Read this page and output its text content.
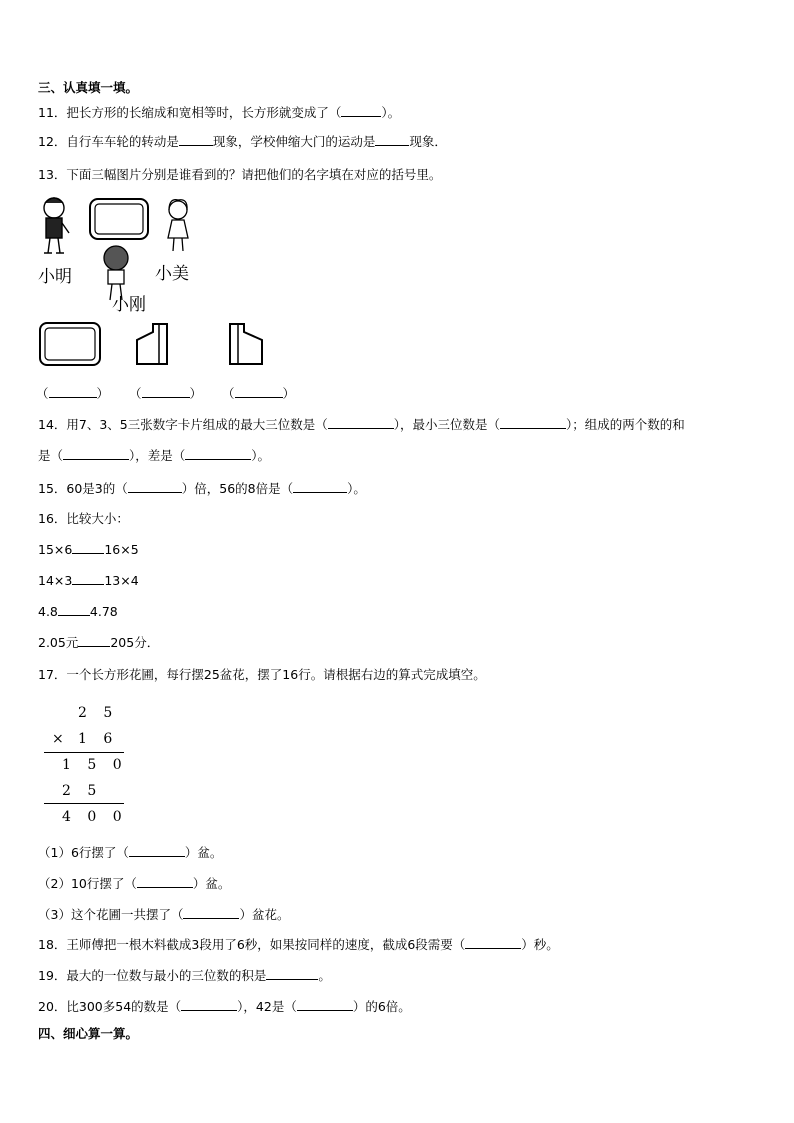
三、认真填一填。
11．把长方形的长缩成和宽相等时，长方形就变成了（	）。
12．自行车车轮的转动是	现象，学校伸缩大门的运动是	现象．
13．下面三幅图片分别是谁看到的？请把他们的名字填在对应的括号里。
小明	小美
小刚
（	） （	） （	）
14．用7、3、5三张数字卡片组成的最大三位数是（	），最小三位数是（	）；组成的两个数的和
是（	），差是（	）。
15．60是3的（	）倍，56的8倍是（	）。
16．比较大小：
15×6	16×5
14×3	13×4
4.8	4.78
2.05元	205分．
17．一个长方形花圃，每行摆25盆花，摆了16行。请根据右边的算式完成填空。
2 5
× 1 6
1 5 0
2 5
4 0 0
（1）6行摆了（	）盆。
（2）10行摆了（	）盆。
（3）这个花圃一共摆了（	）盆花。
18．王师傅把一根木料截成3段用了6秒，如果按同样的速度，截成6段需要（	）秒。
19．最大的一位数与最小的三位数的积是	。
20．比300多54的数是（	），42是（	）的6倍。
四、细心算一算。
